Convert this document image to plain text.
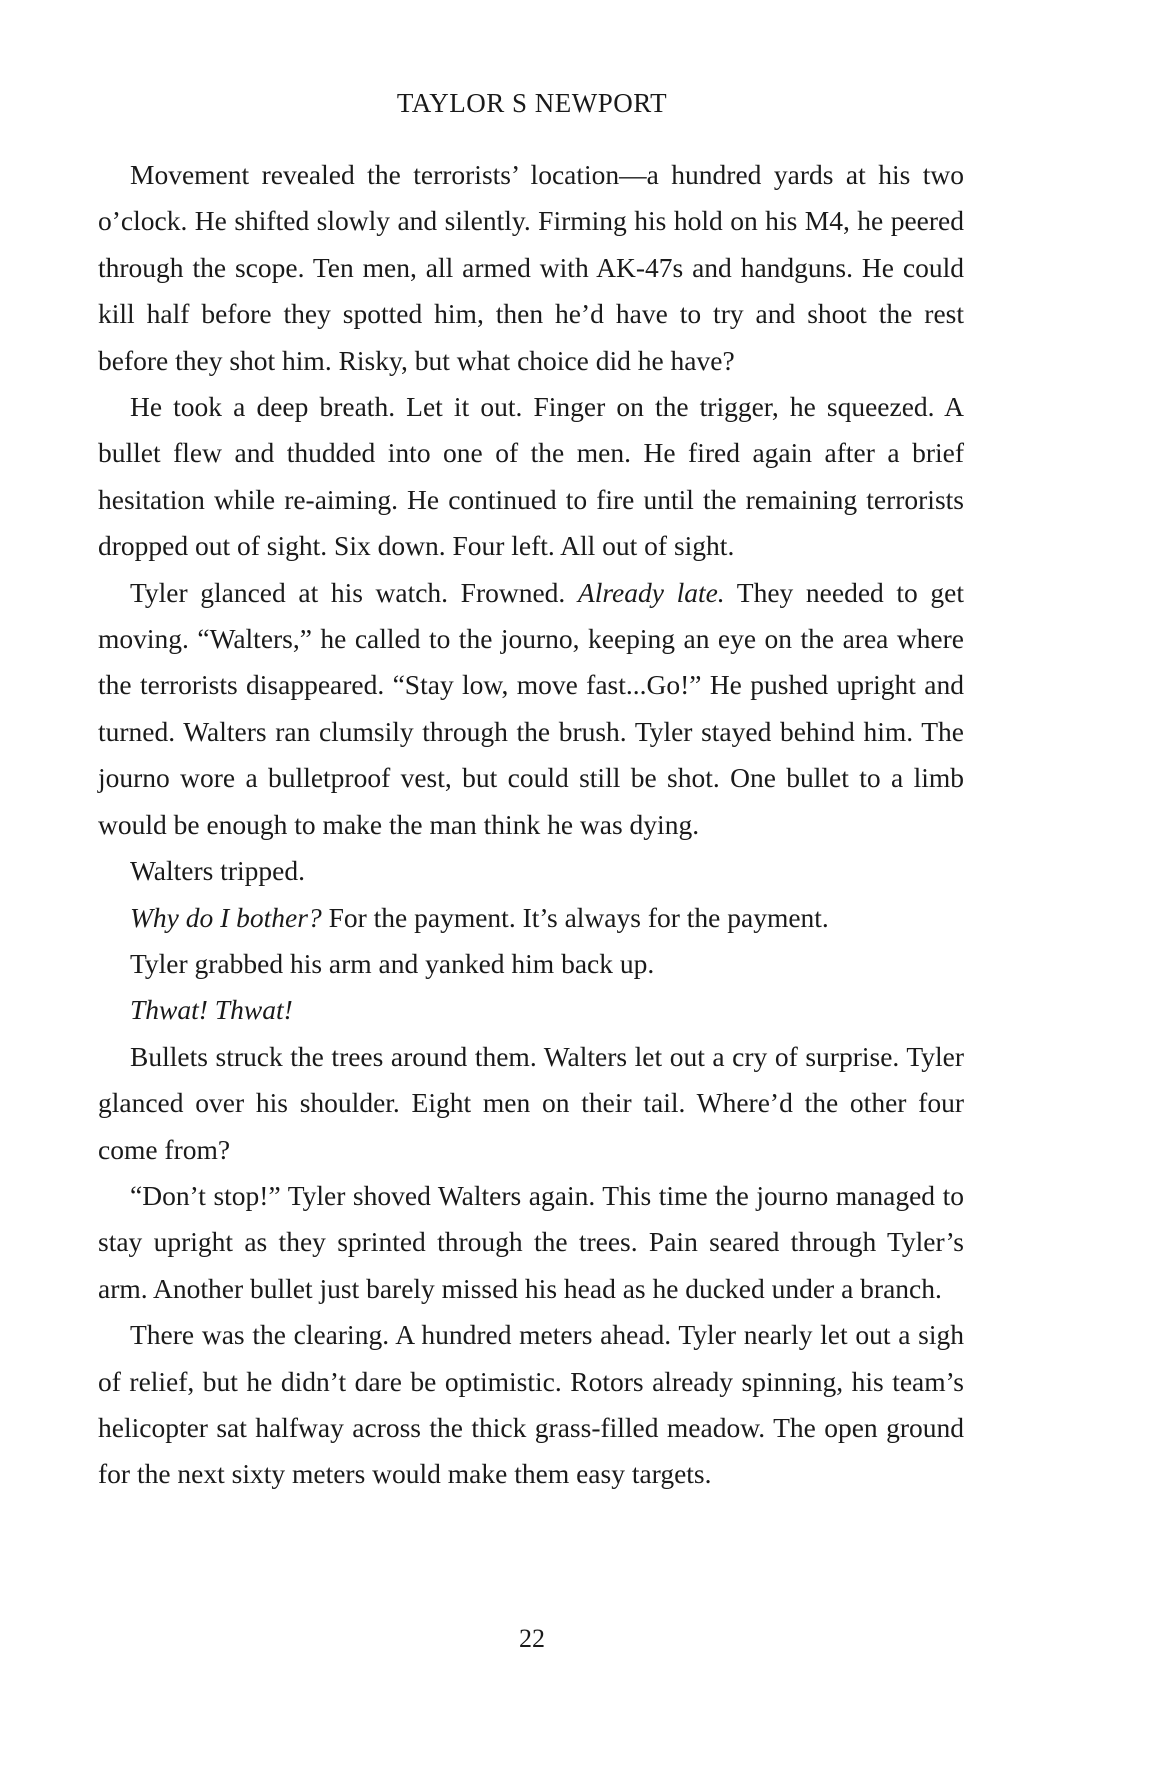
TAYLOR S NEWPORT

Movement revealed the terrorists’ location—a hundred yards at his two o’clock. He shifted slowly and silently. Firming his hold on his M4, he peered through the scope. Ten men, all armed with AK-47s and handguns. He could kill half before they spotted him, then he’d have to try and shoot the rest before they shot him. Risky, but what choice did he have?

He took a deep breath. Let it out. Finger on the trigger, he squeezed. A bullet flew and thudded into one of the men. He fired again after a brief hesitation while re-aiming. He continued to fire until the remaining terrorists dropped out of sight. Six down. Four left. All out of sight.

Tyler glanced at his watch. Frowned. Already late. They needed to get moving. “Walters,” he called to the journo, keeping an eye on the area where the terrorists disappeared. “Stay low, move fast...Go!” He pushed upright and turned. Walters ran clumsily through the brush. Tyler stayed behind him. The journo wore a bulletproof vest, but could still be shot. One bullet to a limb would be enough to make the man think he was dying.

Walters tripped.

Why do I bother? For the payment. It’s always for the payment.

Tyler grabbed his arm and yanked him back up.

Thwat! Thwat!

Bullets struck the trees around them. Walters let out a cry of surprise. Tyler glanced over his shoulder. Eight men on their tail. Where’d the other four come from?

“Don’t stop!” Tyler shoved Walters again. This time the journo managed to stay upright as they sprinted through the trees. Pain seared through Tyler’s arm. Another bullet just barely missed his head as he ducked under a branch.

There was the clearing. A hundred meters ahead. Tyler nearly let out a sigh of relief, but he didn’t dare be optimistic. Rotors already spinning, his team’s helicopter sat halfway across the thick grass-filled meadow. The open ground for the next sixty meters would make them easy targets.

22
